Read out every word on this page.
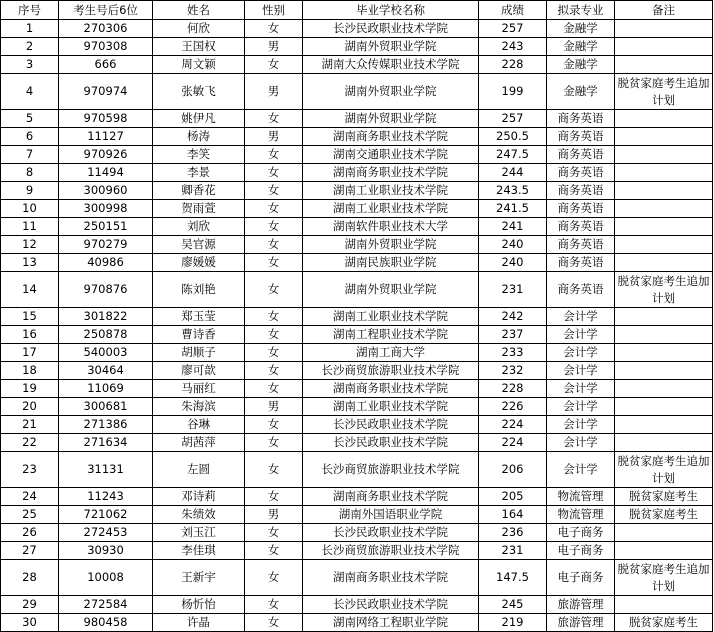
序号	考生号后6位	姓名	性别	毕业学校名称	成绩	拟录专业	备注
1	270306	何欣	女	长沙民政职业技术学院	257	金融学	
2	970308	王国权	男	湖南外贸职业学院	243	金融学	
3	666	周文颖	女	湖南大众传媒职业技术学院	228	金融学	
4	970974	张敏飞	男	湖南外贸职业学院	199	金融学	脱贫家庭考生追加计划
5	970598	姚伊凡	女	湖南外贸职业学院	257	商务英语	
6	11127	杨涛	男	湖南商务职业技术学院	250.5	商务英语	
7	970926	李笑	女	湖南交通职业技术学院	247.5	商务英语	
8	11494	李景	女	湖南商务职业技术学院	244	商务英语	
9	300960	卿香花	女	湖南工业职业技术学院	243.5	商务英语	
10	300998	贺雨萱	女	湖南工业职业技术学院	241.5	商务英语	
11	250151	刘欣	女	湖南软件职业技术大学	241	商务英语	
12	970279	吴官源	女	湖南外贸职业学院	240	商务英语	
13	40986	廖媛媛	女	湖南民族职业学院	240	商务英语	
14	970876	陈刘艳	女	湖南外贸职业学院	231	商务英语	脱贫家庭考生追加计划
15	301822	郑玉莹	女	湖南工业职业技术学院	242	会计学	
16	250878	曹诗香	女	湖南工程职业技术学院	237	会计学	
17	540003	胡顺子	女	湖南工商大学	233	会计学	
18	30464	廖可歆	女	长沙商贸旅游职业技术学院	232	会计学	
19	11069	马丽红	女	湖南商务职业技术学院	228	会计学	
20	300681	朱海滨	男	湖南工业职业技术学院	226	会计学	
21	271386	谷琳	女	长沙民政职业技术学院	224	会计学	
22	271634	胡茜萍	女	长沙民政职业技术学院	224	会计学	
23	31131	左圆	女	长沙商贸旅游职业技术学院	206	会计学	脱贫家庭考生追加计划
24	11243	邓诗莉	女	湖南商务职业技术学院	205	物流管理	脱贫家庭考生
25	721062	朱绩效	男	湖南外国语职业学院	164	物流管理	脱贫家庭考生
26	272453	刘玉江	女	长沙民政职业技术学院	236	电子商务	
27	30930	李佳琪	女	长沙商贸旅游职业技术学院	231	电子商务	
28	10008	王新宇	女	湖南商务职业技术学院	147.5	电子商务	脱贫家庭考生追加计划
29	272584	杨忻怡	女	长沙民政职业技术学院	245	旅游管理	
30	980458	许晶	女	湖南网络工程职业学院	219	旅游管理	脱贫家庭考生
